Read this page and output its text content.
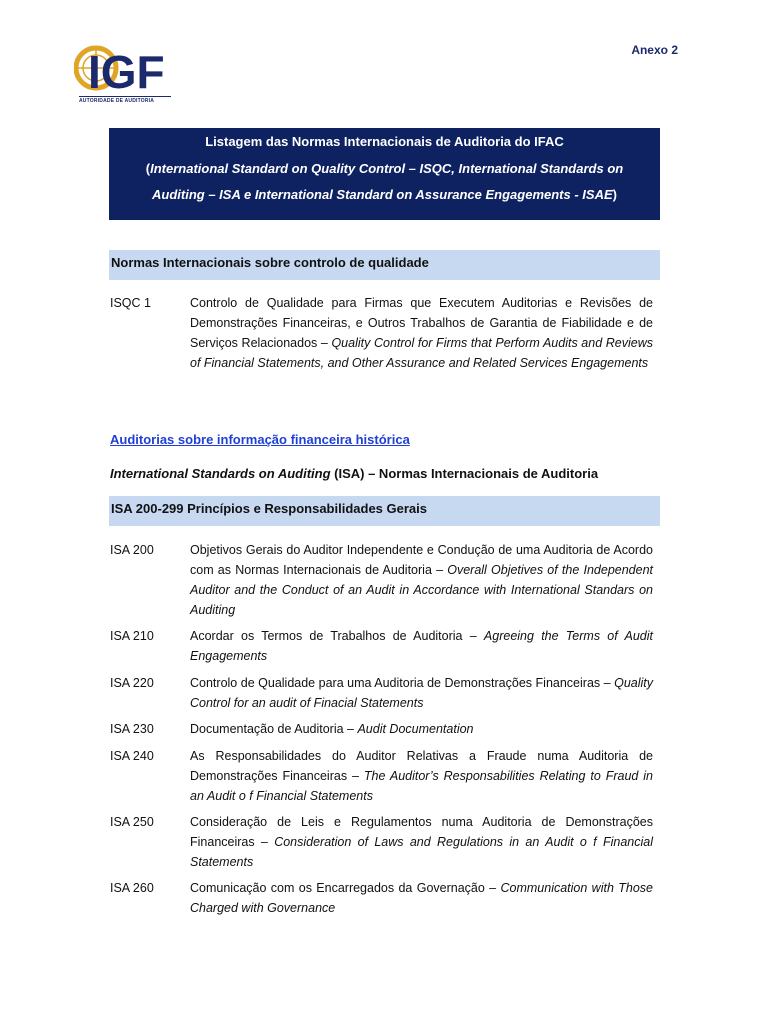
IGF
AUTORIDADE DE AUDITORIA
Anexo 2
Listagem das Normas Internacionais de Auditoria do IFAC
(International Standard on Quality Control – ISQC, International Standards on Auditing – ISA e International Standard on Assurance Engagements - ISAE)
Normas Internacionais sobre controlo de qualidade
ISQC 1	Controlo de Qualidade para Firmas que Executem Auditorias e Revisões de Demonstrações Financeiras, e Outros Trabalhos de Garantia de Fiabilidade e de Serviços Relacionados – Quality Control for Firms that Perform Audits and Reviews of Financial Statements, and Other Assurance and Related Services Engagements
Auditorias sobre informação financeira histórica
International Standards on Auditing (ISA) – Normas Internacionais de Auditoria
ISA 200-299 Princípios e Responsabilidades Gerais
ISA 200	Objetivos Gerais do Auditor Independente e Condução de uma Auditoria de Acordo com as Normas Internacionais de Auditoria – Overall Objetives of the Independent Auditor and the Conduct of an Audit in Accordance with International Standars on Auditing
ISA 210	Acordar os Termos de Trabalhos de Auditoria – Agreeing the Terms of Audit Engagements
ISA 220	Controlo de Qualidade para uma Auditoria de Demonstrações Financeiras – Quality Control for an audit of Finacial Statements
ISA 230	Documentação de Auditoria – Audit Documentation
ISA 240	As Responsabilidades do Auditor Relativas a Fraude numa Auditoria de Demonstrações Financeiras – The Auditor’s Responsabilities Relating to Fraud in an Audit o f Financial Statements
ISA 250	Consideração de Leis e Regulamentos numa Auditoria de Demonstrações Financeiras – Consideration of Laws and Regulations in an Audit o f Financial Statements
ISA 260	Comunicação com os Encarregados da Governação – Communication with Those Charged with Governance
